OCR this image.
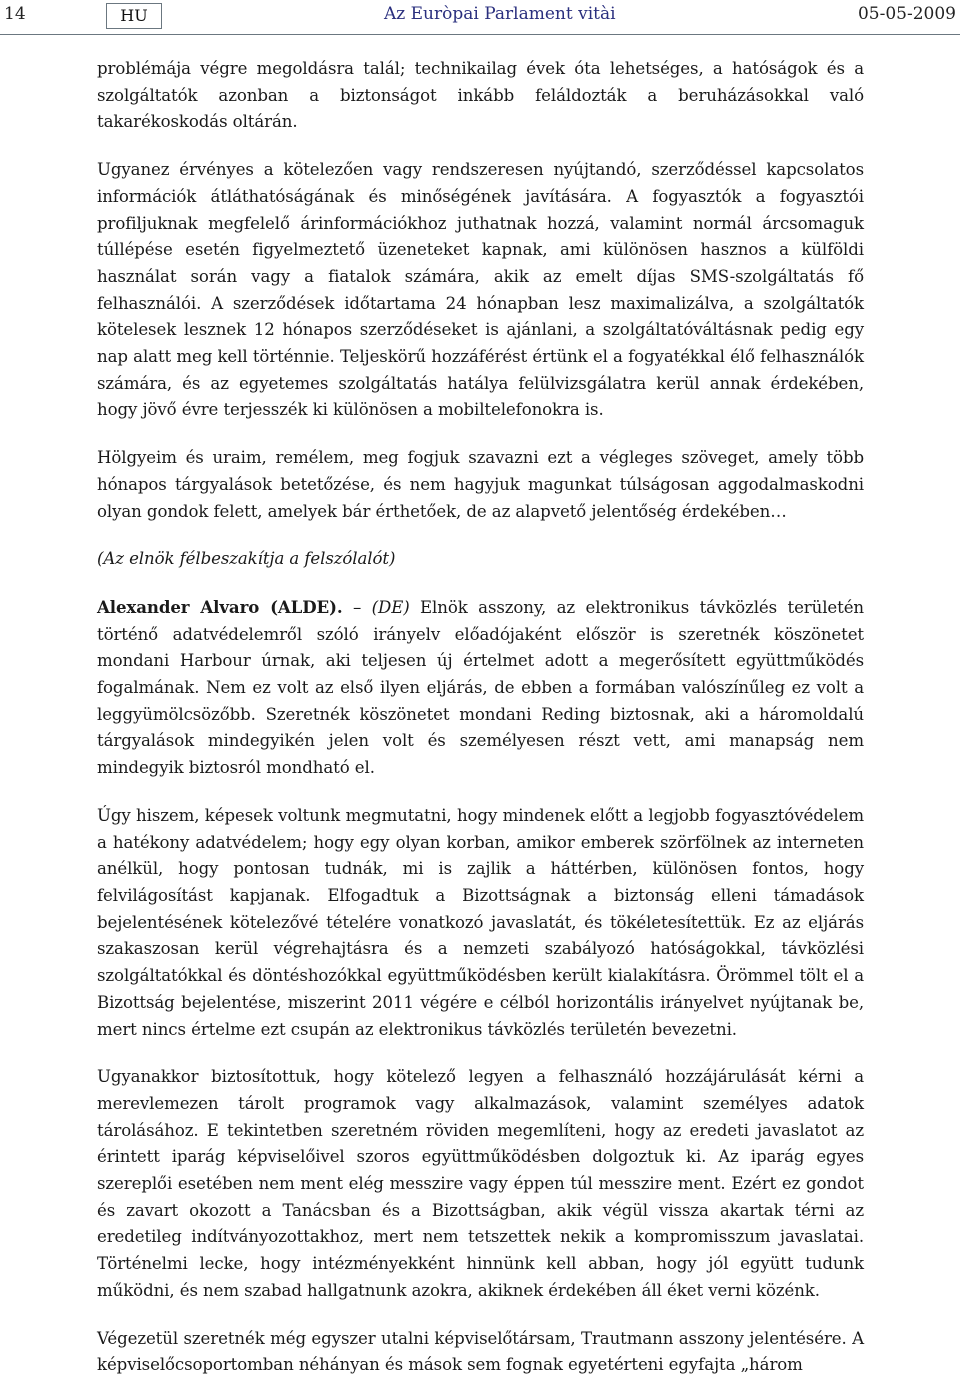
14	HU	Az Euròpai Parlament vitài	05-05-2009

problémája végre megoldásra talál; technikailag évek óta lehetséges, a hatóságok és a szolgáltatók azonban a biztonságot inkább feláldozták a beruházásokkal való takarékoskodás oltárán.

Ugyanez érvényes a kötelezően vagy rendszeresen nyújtandó, szerződéssel kapcsolatos információk átláthatóságának és minőségének javítására. A fogyasztók a fogyasztói profiljuknak megfelelő árinformációkhoz juthatnak hozzá, valamint normál árcsomaguk túllépése esetén figyelmeztető üzeneteket kapnak, ami különösen hasznos a külföldi használat során vagy a fiatalok számára, akik az emelt díjas SMS-szolgáltatás fő felhasználói. A szerződések időtartama 24 hónapban lesz maximalizálva, a szolgáltatók kötelesek lesznek 12 hónapos szerződéseket is ajánlani, a szolgáltatóváltásnak pedig egy nap alatt meg kell történnie. Teljeskörű hozzáférést értünk el a fogyatékkal élő felhasználók számára, és az egyetemes szolgáltatás hatálya felülvizsgálatra kerül annak érdekében, hogy jövő évre terjesszék ki különösen a mobiltelefonokra is.

Hölgyeim és uraim, remélem, meg fogjuk szavazni ezt a végleges szöveget, amely több hónapos tárgyalások betetőzése, és nem hagyjuk magunkat túlságosan aggodalmaskodni olyan gondok felett, amelyek bár érthetőek, de az alapvető jelentőség érdekében…

(Az elnök félbeszakítja a felszólalót)

Alexander Alvaro (ALDE). – (DE) Elnök asszony, az elektronikus távközlés területén történő adatvédelemről szóló irányelv előadójaként először is szeretnék köszönetet mondani Harbour úrnak, aki teljesen új értelmet adott a megerősített együttműködés fogalmának. Nem ez volt az első ilyen eljárás, de ebben a formában valószínűleg ez volt a leggyümölcsözőbb. Szeretnék köszönetet mondani Reding biztosnak, aki a háromoldalú tárgyalások mindegyikén jelen volt és személyesen részt vett, ami manapság nem mindegyik biztosról mondható el.

Úgy hiszem, képesek voltunk megmutatni, hogy mindenek előtt a legjobb fogyasztóvédelem a hatékony adatvédelem; hogy egy olyan korban, amikor emberek szörfölnek az interneten anélkül, hogy pontosan tudnák, mi is zajlik a háttérben, különösen fontos, hogy felvilágosítást kapjanak. Elfogadtuk a Bizottságnak a biztonság elleni támadások bejelentésének kötelezővé tételére vonatkozó javaslatát, és tökéletesítettük. Ez az eljárás szakaszosan kerül végrehajtásra és a nemzeti szabályozó hatóságokkal, távközlési szolgáltatókkal és döntéshozókkal együttműködésben került kialakításra. Örömmel tölt el a Bizottság bejelentése, miszerint 2011 végére e célból horizontális irányelvet nyújtanak be, mert nincs értelme ezt csupán az elektronikus távközlés területén bevezetni.

Ugyanakkor biztosítottuk, hogy kötelező legyen a felhasználó hozzájárulását kérni a merevlemezen tárolt programok vagy alkalmazások, valamint személyes adatok tárolásához. E tekintetben szeretném röviden megemlíteni, hogy az eredeti javaslatot az érintett iparág képviselőivel szoros együttműködésben dolgoztuk ki. Az iparág egyes szereplői esetében nem ment elég messzire vagy éppen túl messzire ment. Ezért ez gondot és zavart okozott a Tanácsban és a Bizottságban, akik végül vissza akartak térni az eredetileg indítványozottakhoz, mert nem tetszettek nekik a kompromisszum javaslatai. Történelmi lecke, hogy intézményekként hinnünk kell abban, hogy jól együtt tudunk működni, és nem szabad hallgatnunk azokra, akiknek érdekében áll éket verni közénk.

Végezetül szeretnék még egyszer utalni képviselőtársam, Trautmann asszony jelentésére. A képviselőcsoportomban néhányan és mások sem fognak egyetérteni egyfajta „három
